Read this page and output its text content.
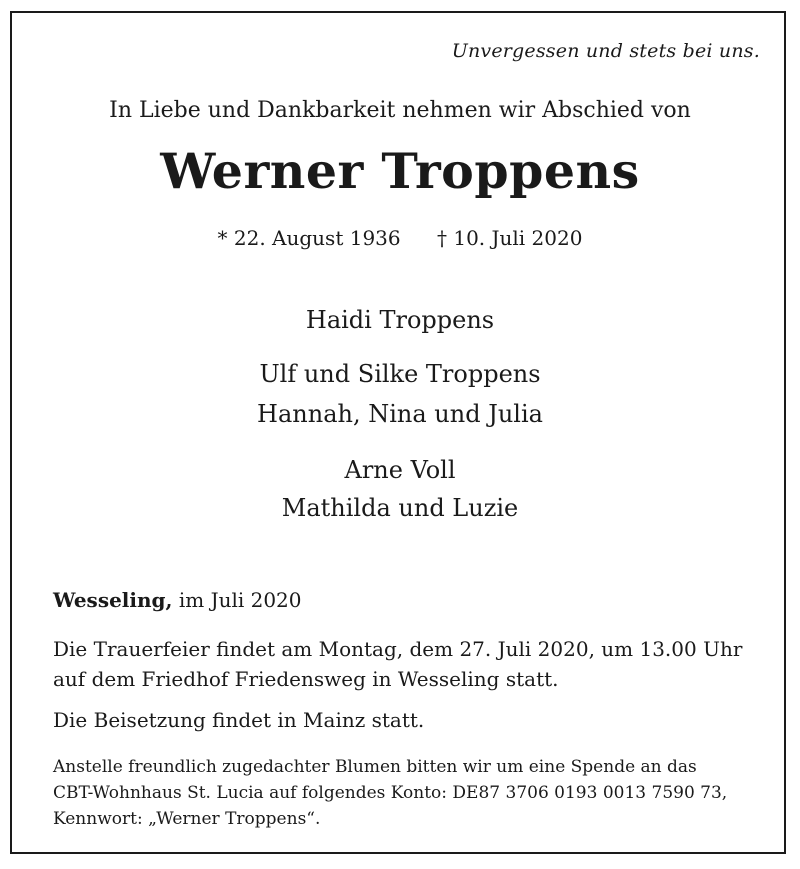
Unvergessen und stets bei uns.
In Liebe und Dankbarkeit nehmen wir Abschied von
Werner Troppens
* 22. August 1936 † 10. Juli 2020
Haidi Troppens
Ulf und Silke Troppens
Hannah, Nina und Julia
Arne Voll
Mathilda und Luzie
Wesseling, im Juli 2020
Die Trauerfeier findet am Montag, dem 27. Juli 2020, um 13.00 Uhr
auf dem Friedhof Friedensweg in Wesseling statt.
Die Beisetzung findet in Mainz statt.
Anstelle freundlich zugedachter Blumen bitten wir um eine Spende an das
CBT-Wohnhaus St. Lucia auf folgendes Konto: DE87 3706 0193 0013 7590 73,
Kennwort: „Werner Troppens“.
